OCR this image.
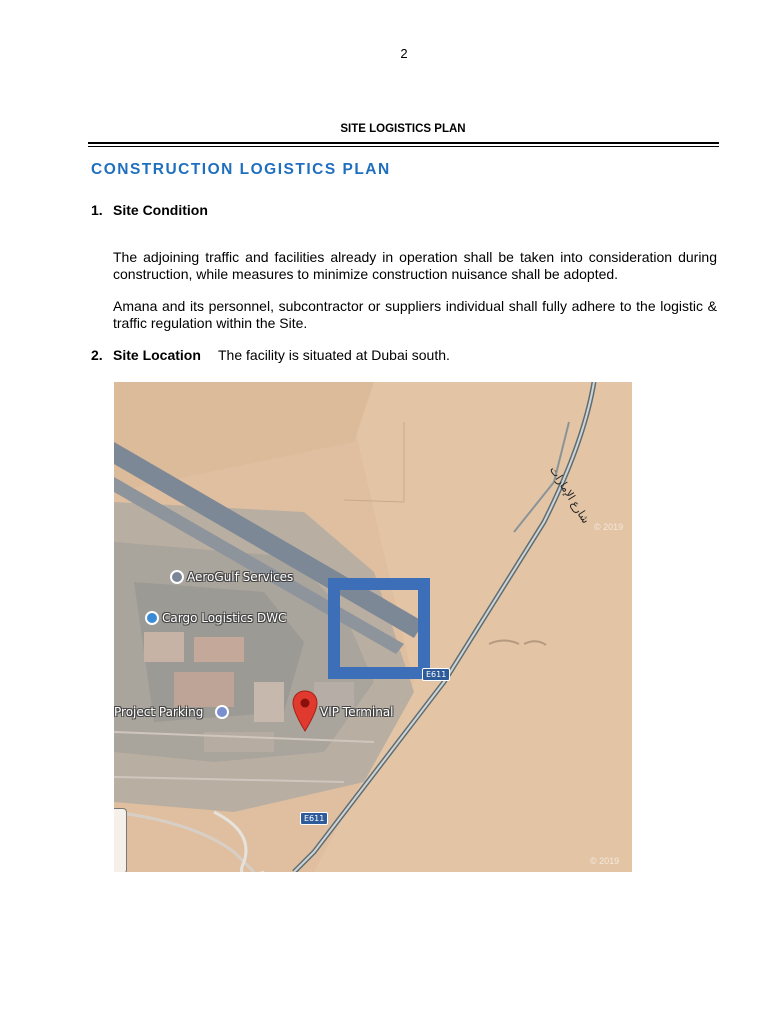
2
SITE LOGISTICS PLAN
CONSTRUCTION LOGISTICS PLAN
1. Site Condition
The adjoining traffic and facilities already in operation shall be taken into consideration during construction, while measures to minimize construction nuisance shall be adopted.
Amana and its personnel, subcontractor or suppliers individual shall fully adhere to the logistic & traffic regulation within the Site.
2. Site Location The facility is situated at Dubai south.
AeroGulf Services
Cargo Logistics DWC
Project Parking	VIP Terminal
E611
E611
شارع الإمارات
© 2019
© 2019
